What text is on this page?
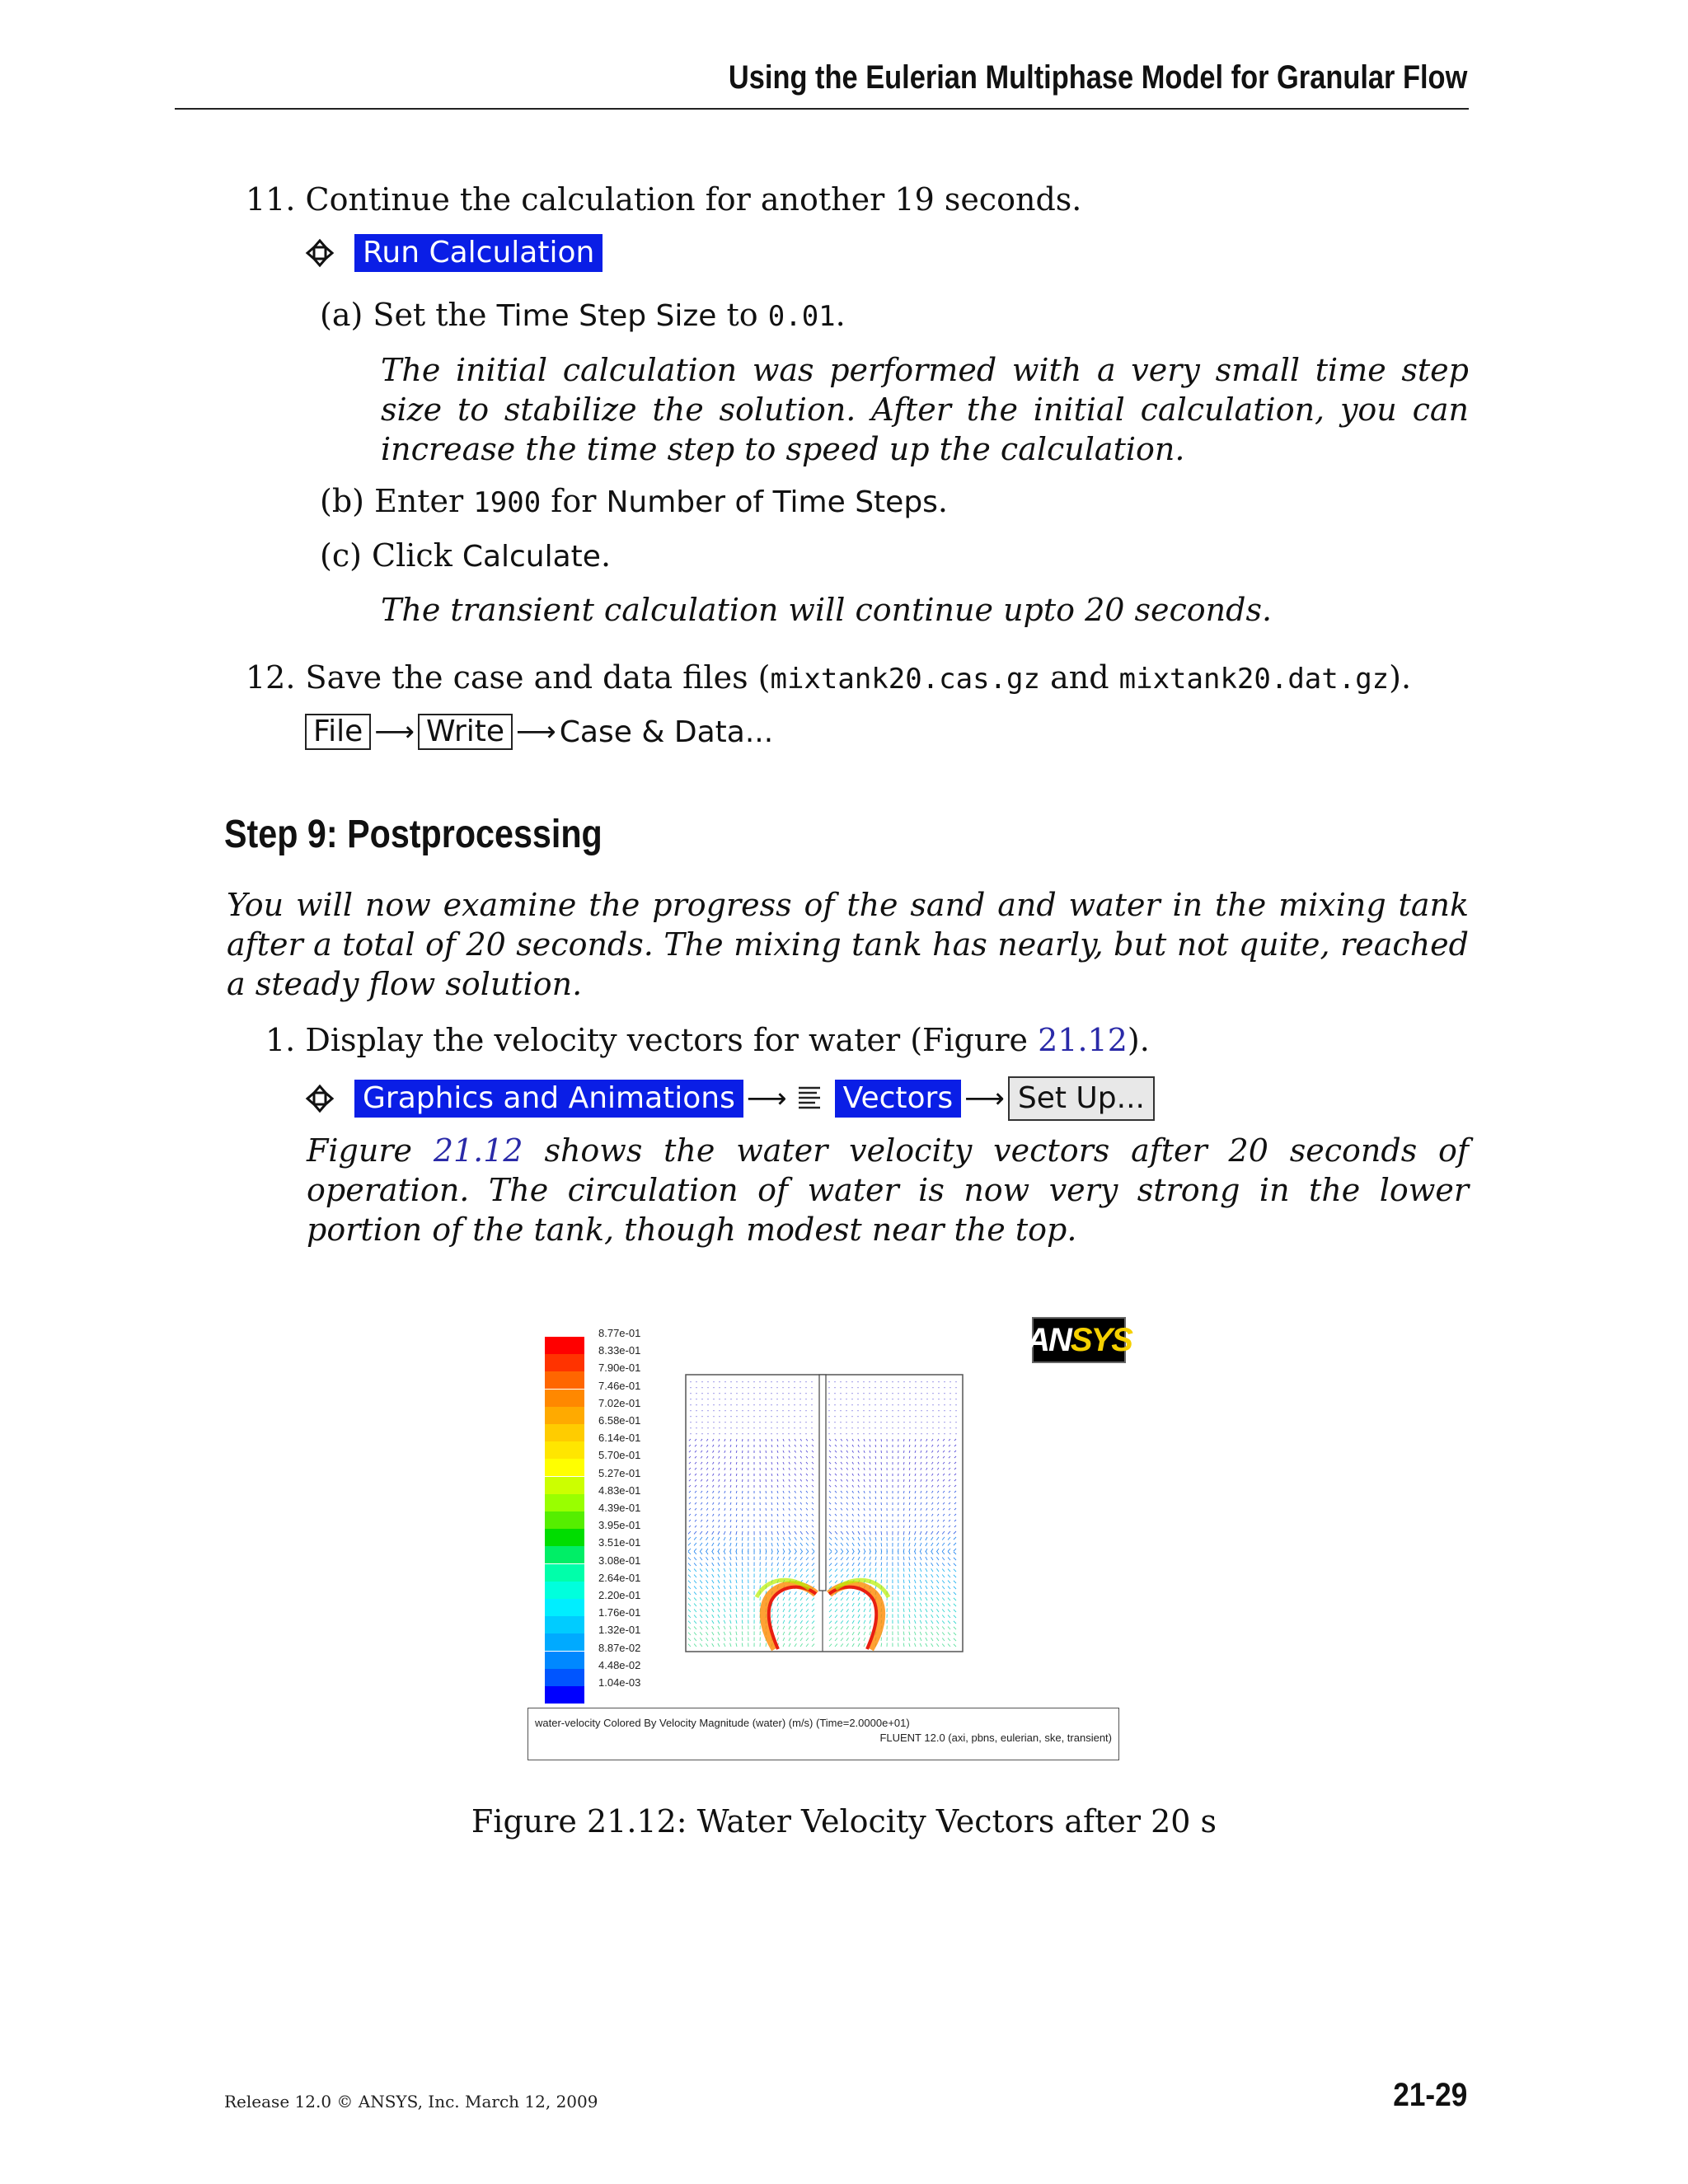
Using the Eulerian Multiphase Model for Granular Flow
11. Continue the calculation for another 19 seconds.
Run Calculation
(a) Set the Time Step Size to 0.01.
The initial calculation was performed with a very small time step size to stabilize the solution. After the initial calculation, you can increase the time step to speed up the calculation.
(b) Enter 1900 for Number of Time Steps.
(c) Click Calculate.
The transient calculation will continue upto 20 seconds.
12. Save the case and data files (mixtank20.cas.gz and mixtank20.dat.gz).
File ⟶ Write ⟶ Case & Data...
Step 9: Postprocessing
You will now examine the progress of the sand and water in the mixing tank after a total of 20 seconds. The mixing tank has nearly, but not quite, reached a steady flow solution.
1. Display the velocity vectors for water (Figure 21.12).
Graphics and Animations ⟶ Vectors ⟶ Set Up...
Figure 21.12 shows the water velocity vectors after 20 seconds of operation. The circulation of water is now very strong in the lower portion of the tank, though modest near the top.
8.77e-01
8.33e-01
7.90e-01
7.46e-01
7.02e-01
6.58e-01
6.14e-01
5.70e-01
5.27e-01
4.83e-01
4.39e-01
3.95e-01
3.51e-01
3.08e-01
2.64e-01
2.20e-01
1.76e-01
1.32e-01
8.87e-02
4.48e-02
1.04e-03
AN SYS
water-velocity Colored By Velocity Magnitude (water) (m/s) (Time=2.0000e+01)
FLUENT 12.0 (axi, pbns, eulerian, ske, transient)
Figure 21.12: Water Velocity Vectors after 20 s
Release 12.0 © ANSYS, Inc. March 12, 2009	21-29
